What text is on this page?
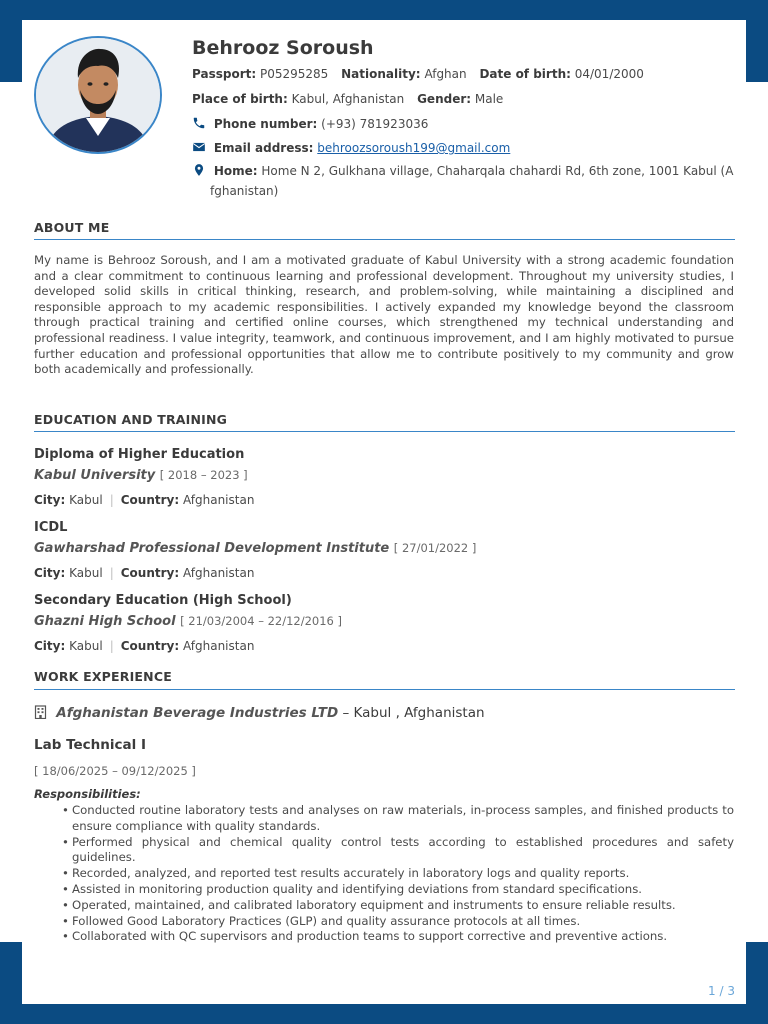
Behrooz Soroush
Passport: P05295285 Nationality: Afghan Date of birth: 04/01/2000
Place of birth: Kabul, Afghanistan Gender: Male
Phone number: (+93) 781923036
Email address: behroozsoroush199@gmail.com
Home: Home N 2, Gulkhana village, Chaharqala chahardi Rd, 6th zone, 1001 Kabul (A
fghanistan)
ABOUT ME
My name is Behrooz Soroush, and I am a motivated graduate of Kabul University with a strong academic foundation and a clear commitment to continuous learning and professional development. Throughout my university studies, I developed solid skills in critical thinking, research, and problem-solving, while maintaining a disciplined and responsible approach to my academic responsibilities. I actively expanded my knowledge beyond the classroom through practical training and certified online courses, which strengthened my technical understanding and professional readiness. I value integrity, teamwork, and continuous improvement, and I am highly motivated to pursue further education and professional opportunities that allow me to contribute positively to my community and grow both academically and professionally.
EDUCATION AND TRAINING
Diploma of Higher Education
Kabul University [ 2018 – 2023 ]
City: Kabul | Country: Afghanistan
ICDL
Gawharshad Professional Development Institute [ 27/01/2022 ]
City: Kabul | Country: Afghanistan
Secondary Education (High School)
Ghazni High School [ 21/03/2004 – 22/12/2016 ]
City: Kabul | Country: Afghanistan
WORK EXPERIENCE
Afghanistan Beverage Industries LTD – Kabul , Afghanistan
Lab Technical I
[ 18/06/2025 – 09/12/2025 ]
Responsibilities:
• Conducted routine laboratory tests and analyses on raw materials, in-process samples, and finished products to ensure compliance with quality standards.
• Performed physical and chemical quality control tests according to established procedures and safety guidelines.
• Recorded, analyzed, and reported test results accurately in laboratory logs and quality reports.
• Assisted in monitoring production quality and identifying deviations from standard specifications.
• Operated, maintained, and calibrated laboratory equipment and instruments to ensure reliable results.
• Followed Good Laboratory Practices (GLP) and quality assurance protocols at all times.
• Collaborated with QC supervisors and production teams to support corrective and preventive actions.
1 / 3
